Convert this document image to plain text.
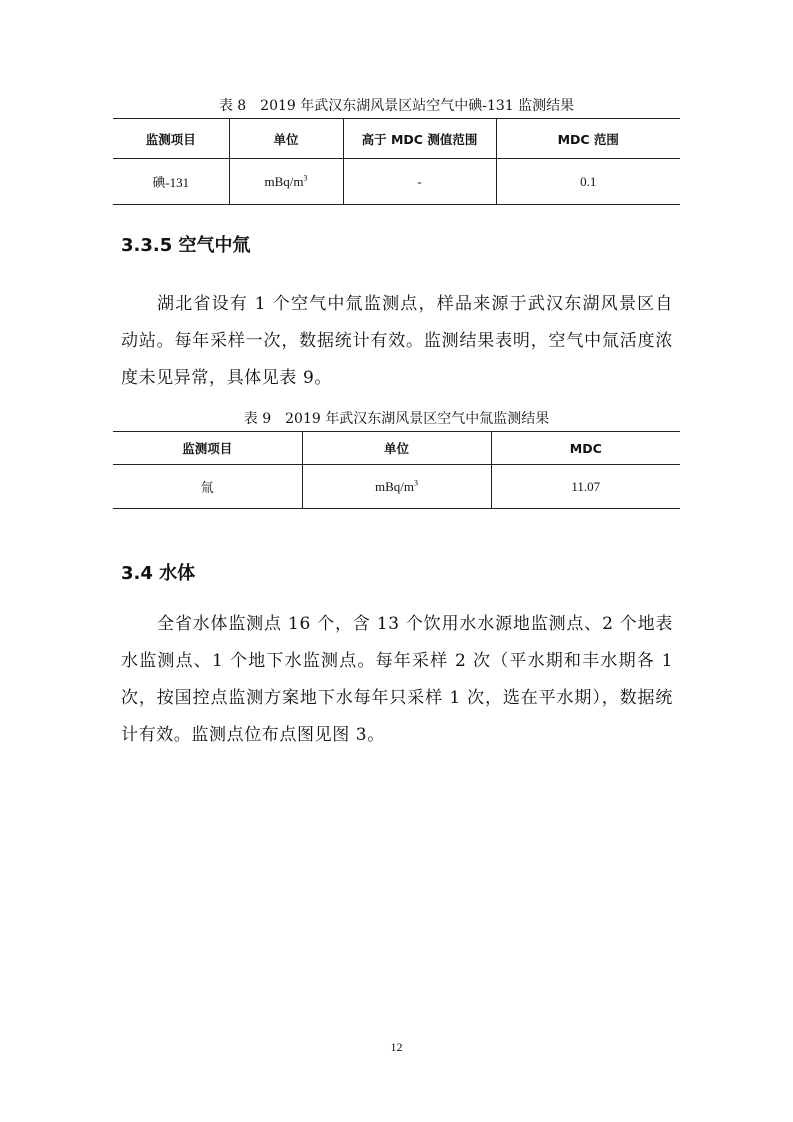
表 8　2019 年武汉东湖风景区站空气中碘-131 监测结果
监测项目	单位	高于 MDC 测值范围	MDC 范围
碘-131	mBq/$m^3$	-	0.1
3.3.5 空气中氚
湖北省设有 1 个空气中氚监测点，样品来源于武汉东湖风景区自动站。每年采样一次，数据统计有效。监测结果表明，空气中氚活度浓度未见异常，具体见表 9。
表 9　2019 年武汉东湖风景区空气中氚监测结果
监测项目	单位	MDC
氚	mBq/$m^3$	11.07
3.4 水体
全省水体监测点 16 个，含 13 个饮用水水源地监测点、2 个地表水监测点、1 个地下水监测点。每年采样 2 次（平水期和丰水期各 1 次，按国控点监测方案地下水每年只采样 1 次，选在平水期），数据统计有效。监测点位布点图见图 3。
12
